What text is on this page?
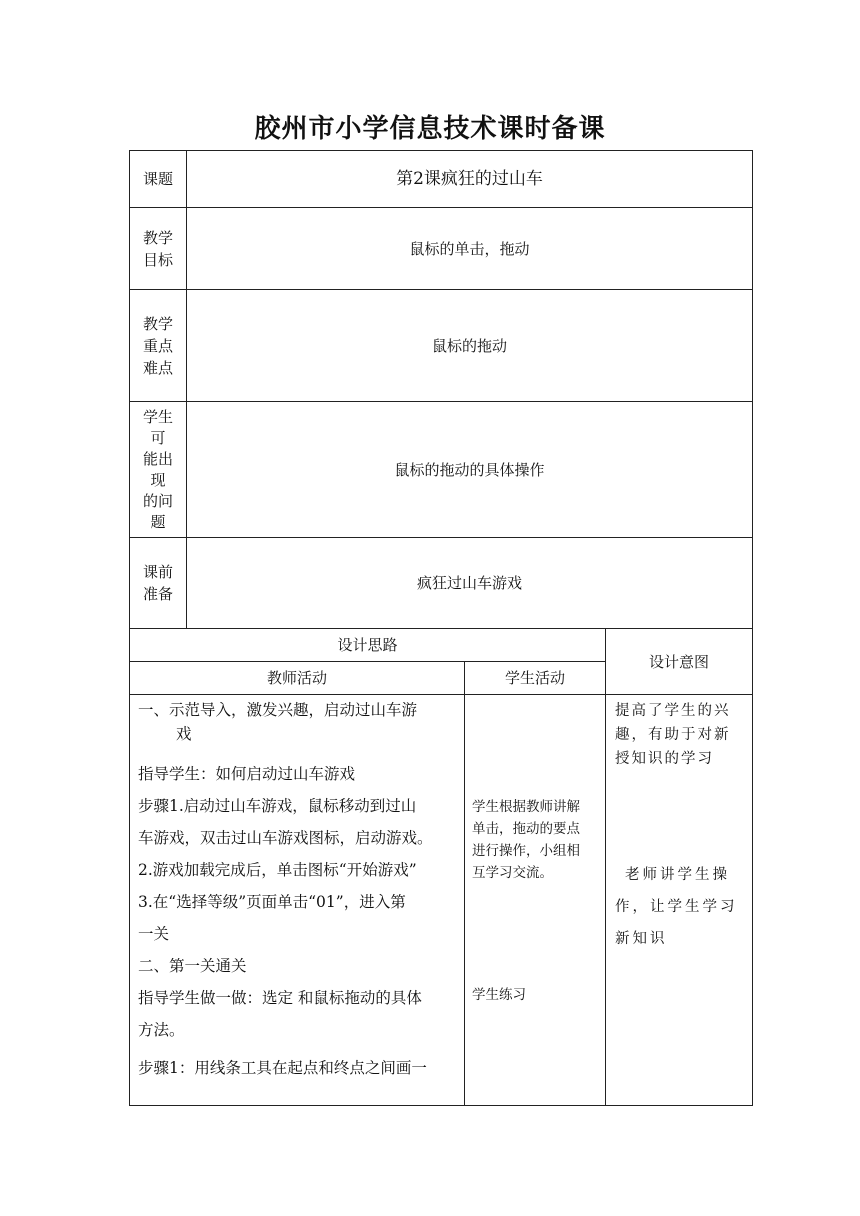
胶州市小学信息技术课时备课
课题	第2课疯狂的过山车
教学
目标
鼠标的单击，拖动
教学
重点
难点
鼠标的拖动
学生
可
能出
现
的问
题
鼠标的拖动的具体操作
课前
准备
疯狂过山车游戏
设计思路
设计意图
教师活动	学生活动

一、示范导入，激发兴趣，启动过山车游

戏

指导学生：如何启动过山车游戏

步骤1.启动过山车游戏，鼠标移动到过山

车游戏，双击过山车游戏图标，启动游戏。

2.游戏加载完成后，单击图标“开始游戏”

3.在“选择等级”页面单击“01”，进入第

一关

二、第一关通关

指导学生做一做：选定 和鼠标拖动的具体

方法。

步骤1：用线条工具在起点和终点之间画一

学生根据教师讲解

单击，拖动的要点

进行操作，小组相

互学习交流。

学生练习

提高了学生的兴

趣，有助于对新

授知识的学习

老师讲学生操

作，让学生学习

新知识
